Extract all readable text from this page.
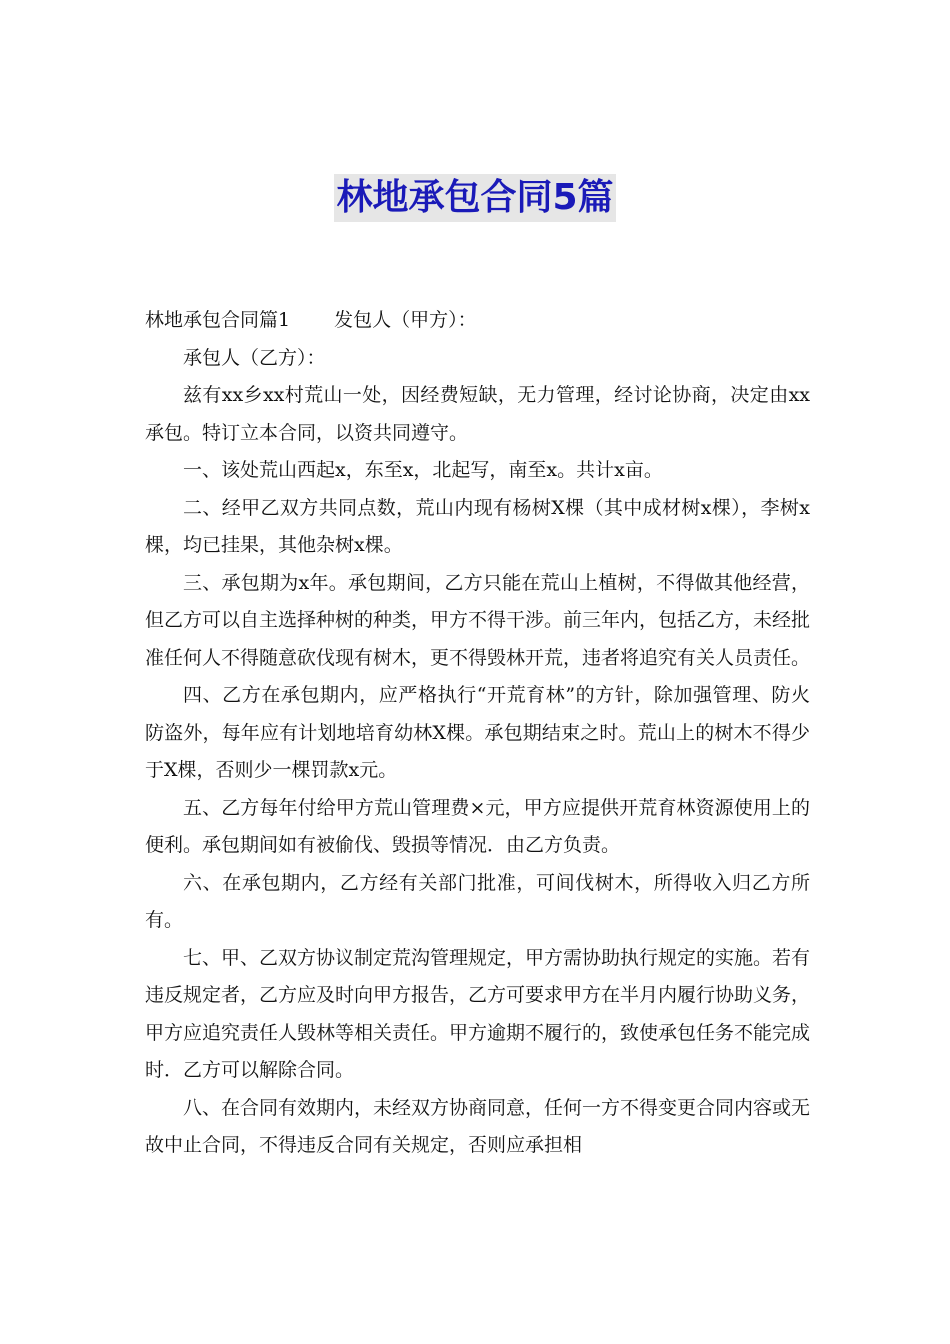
林地承包合同5篇

林地承包合同篇1 发包人（甲方）：

承包人（乙方）：

兹有xx乡xx村荒山一处，因经费短缺，无力管理，经讨论协商，决定由xx承包。特订立本合同，以资共同遵守。

一、该处荒山西起x，东至x，北起写，南至x。共计x亩。

二、经甲乙双方共同点数，荒山内现有杨树X棵（其中成材树x棵），李树x棵，均已挂果，其他杂树x棵。

三、承包期为x年。承包期间，乙方只能在荒山上植树，不得做其他经营，但乙方可以自主选择种树的种类，甲方不得干涉。前三年内，包括乙方，未经批准任何人不得随意砍伐现有树木，更不得毁林开荒，违者将追究有关人员责任。

四、乙方在承包期内，应严格执行“开荒育林”的方针，除加强管理、防火防盗外，每年应有计划地培育幼林X棵。承包期结束之时。荒山上的树木不得少于X棵，否则少一棵罚款x元。

五、乙方每年付给甲方荒山管理费×元，甲方应提供开荒育林资源使用上的便利。承包期间如有被偷伐、毁损等情况．由乙方负责。

六、在承包期内，乙方经有关部门批准，可间伐树木，所得收入归乙方所有。

七、甲、乙双方协议制定荒沟管理规定，甲方需协助执行规定的实施。若有违反规定者，乙方应及时向甲方报告，乙方可要求甲方在半月内履行协助义务，甲方应追究责任人毁林等相关责任。甲方逾期不履行的，致使承包任务不能完成时．乙方可以解除合同。

八、在合同有效期内，未经双方协商同意，任何一方不得变更合同内容或无故中止合同，不得违反合同有关规定，否则应承担相
